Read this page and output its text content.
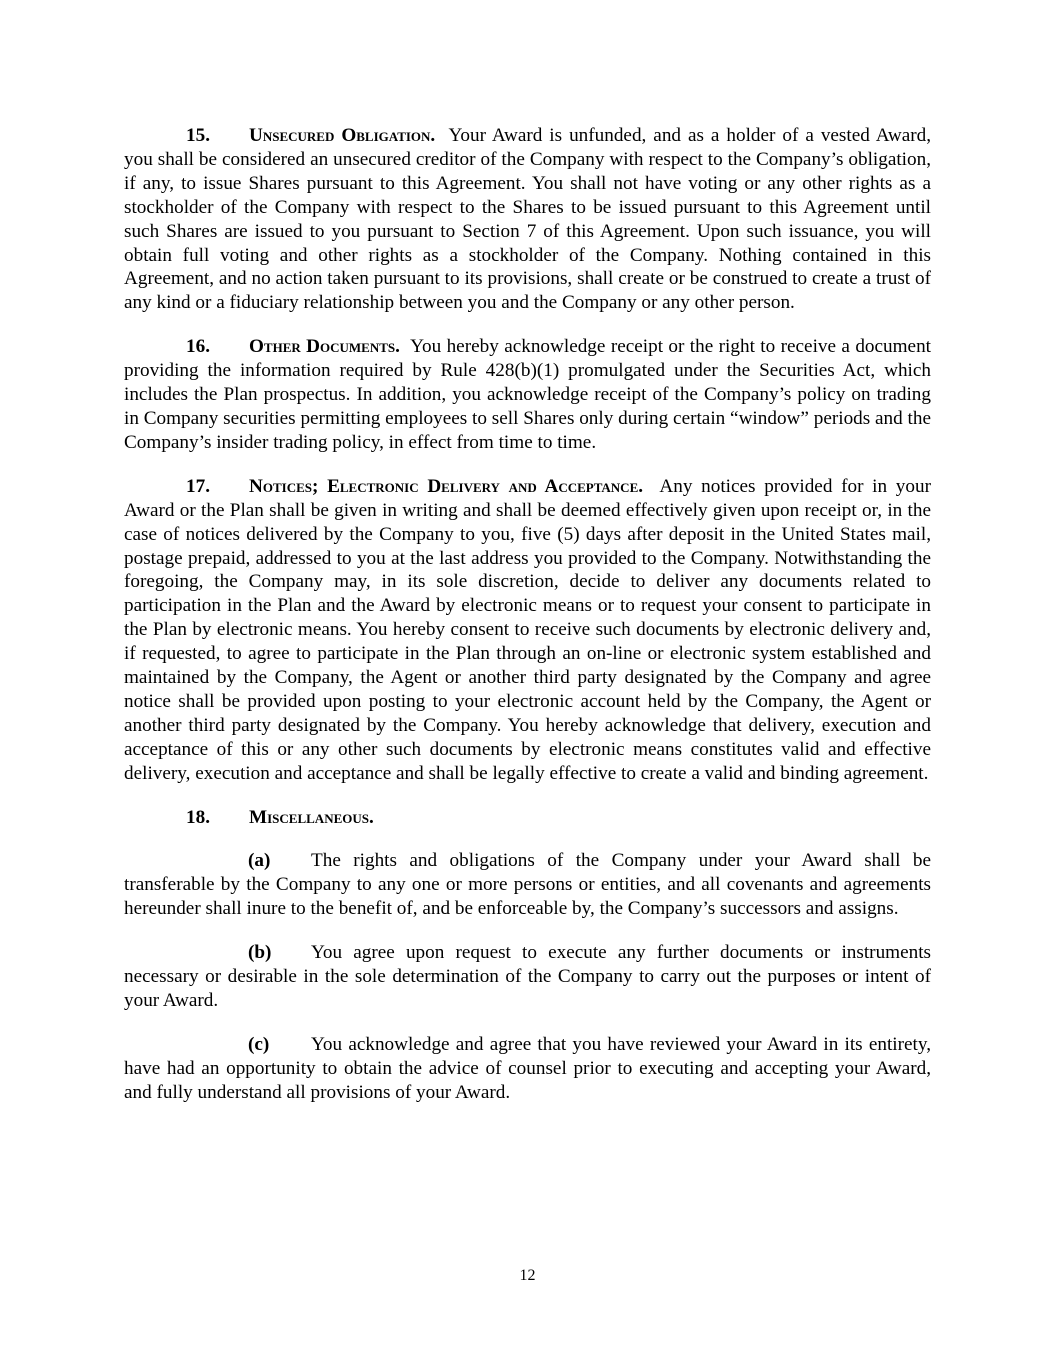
15. Unsecured Obligation. Your Award is unfunded, and as a holder of a vested Award, you shall be considered an unsecured creditor of the Company with respect to the Company’s obligation, if any, to issue Shares pursuant to this Agreement. You shall not have voting or any other rights as a stockholder of the Company with respect to the Shares to be issued pursuant to this Agreement until such Shares are issued to you pursuant to Section 7 of this Agreement. Upon such issuance, you will obtain full voting and other rights as a stockholder of the Company. Nothing contained in this Agreement, and no action taken pursuant to its provisions, shall create or be construed to create a trust of any kind or a fiduciary relationship between you and the Company or any other person.

16. Other Documents. You hereby acknowledge receipt or the right to receive a document providing the information required by Rule 428(b)(1) promulgated under the Securities Act, which includes the Plan prospectus. In addition, you acknowledge receipt of the Company’s policy on trading in Company securities permitting employees to sell Shares only during certain “window” periods and the Company’s insider trading policy, in effect from time to time.

17. Notices; Electronic Delivery and Acceptance. Any notices provided for in your Award or the Plan shall be given in writing and shall be deemed effectively given upon receipt or, in the case of notices delivered by the Company to you, five (5) days after deposit in the United States mail, postage prepaid, addressed to you at the last address you provided to the Company. Notwithstanding the foregoing, the Company may, in its sole discretion, decide to deliver any documents related to participation in the Plan and the Award by electronic means or to request your consent to participate in the Plan by electronic means. You hereby consent to receive such documents by electronic delivery and, if requested, to agree to participate in the Plan through an on-line or electronic system established and maintained by the Company, the Agent or another third party designated by the Company and agree notice shall be provided upon posting to your electronic account held by the Company, the Agent or another third party designated by the Company. You hereby acknowledge that delivery, execution and acceptance of this or any other such documents by electronic means constitutes valid and effective delivery, execution and acceptance and shall be legally effective to create a valid and binding agreement.

18. Miscellaneous.

(a) The rights and obligations of the Company under your Award shall be transferable by the Company to any one or more persons or entities, and all covenants and agreements hereunder shall inure to the benefit of, and be enforceable by, the Company’s successors and assigns.

(b) You agree upon request to execute any further documents or instruments necessary or desirable in the sole determination of the Company to carry out the purposes or intent of your Award.

(c) You acknowledge and agree that you have reviewed your Award in its entirety, have had an opportunity to obtain the advice of counsel prior to executing and accepting your Award, and fully understand all provisions of your Award.

12
